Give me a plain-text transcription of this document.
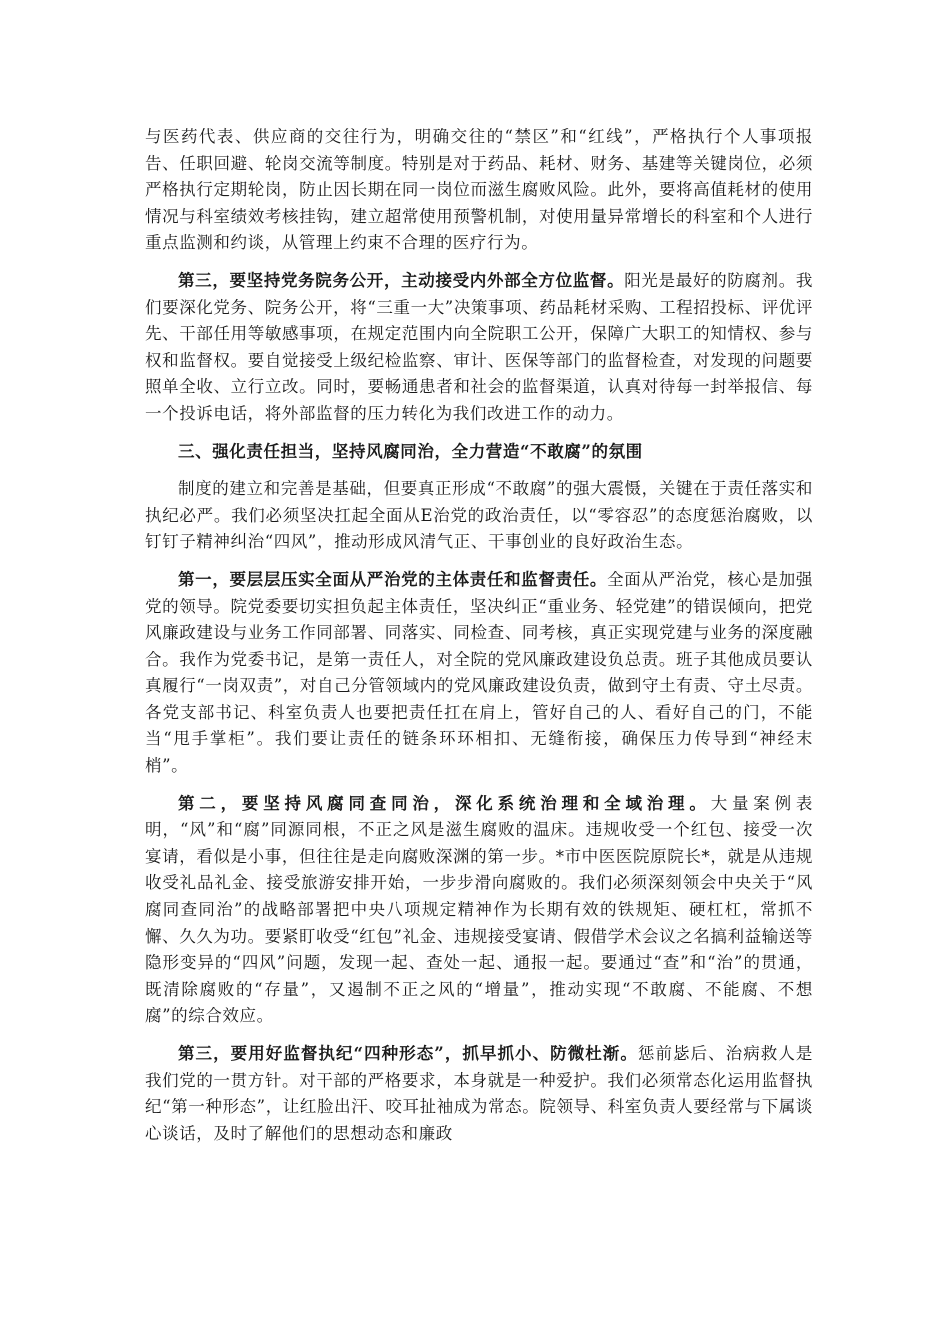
与医药代表、供应商的交往行为，明确交往的“禁区”和“红线”，严格执行个人事项报告、任职回避、轮岗交流等制度。特别是对于药品、耗材、财务、基建等关键岗位，必须严格执行定期轮岗，防止因长期在同一岗位而滋生腐败风险。此外，要将高值耗材的使用情况与科室绩效考核挂钩，建立超常使用预警机制，对使用量异常增长的科室和个人进行重点监测和约谈，从管理上约束不合理的医疗行为。

第三，要坚持党务院务公开，主动接受内外部全方位监督。阳光是最好的防腐剂。我们要深化党务、院务公开，将“三重一大”决策事项、药品耗材采购、工程招投标、评优评先、干部任用等敏感事项，在规定范围内向全院职工公开，保障广大职工的知情权、参与权和监督权。要自觉接受上级纪检监察、审计、医保等部门的监督检查，对发现的问题要照单全收、立行立改。同时，要畅通患者和社会的监督渠道，认真对待每一封举报信、每一个投诉电话，将外部监督的压力转化为我们改进工作的动力。

三、强化责任担当，坚持风腐同治，全力营造“不敢腐”的氛围

制度的建立和完善是基础，但要真正形成“不敢腐”的强大震慑，关键在于责任落实和执纪必严。我们必须坚决扛起全面从E治党的政治责任，以“零容忍”的态度惩治腐败，以钉钉子精神纠治“四风”，推动形成风清气正、干事创业的良好政治生态。

第一，要层层压实全面从严治党的主体责任和监督责任。全面从严治党，核心是加强党的领导。院党委要切实担负起主体责任，坚决纠正“重业务、轻党建”的错误倾向，把党风廉政建设与业务工作同部署、同落实、同检查、同考核，真正实现党建与业务的深度融合。我作为党委书记，是第一责任人，对全院的党风廉政建设负总责。班子其他成员要认真履行“一岗双责”，对自己分管领域内的党风廉政建设负责，做到守土有责、守土尽责。各党支部书记、科室负责人也要把责任扛在肩上，管好自己的人、看好自己的门，不能当“甩手掌柜”。我们要让责任的链条环环相扣、无缝衔接，确保压力传导到“神经末梢”。

第二，要坚持风腐同查同治，深化系统治理和全域治理。大量案例表明，“风”和“腐”同源同根，不正之风是滋生腐败的温床。违规收受一个红包、接受一次宴请，看似是小事，但往往是走向腐败深渊的第一步。*市中医医院原院长*，就是从违规收受礼品礼金、接受旅游安排开始，一步步滑向腐败的。我们必须深刻领会中央关于“风腐同查同治”的战略部署把中央八项规定精神作为长期有效的铁规矩、硬杠杠，常抓不懈、久久为功。要紧盯收受“红包”礼金、违规接受宴请、假借学术会议之名搞利益输送等隐形变异的“四风”问题，发现一起、查处一起、通报一起。要通过“查”和“治”的贯通，既清除腐败的“存量”，又遏制不正之风的“增量”，推动实现“不敢腐、不能腐、不想腐”的综合效应。

第三，要用好监督执纪“四种形态”，抓早抓小、防微杜渐。惩前毖后、治病救人是我们党的一贯方针。对干部的严格要求，本身就是一种爱护。我们必须常态化运用监督执纪“第一种形态”，让红脸出汗、咬耳扯袖成为常态。院领导、科室负责人要经常与下属谈心谈话，及时了解他们的思想动态和廉政
